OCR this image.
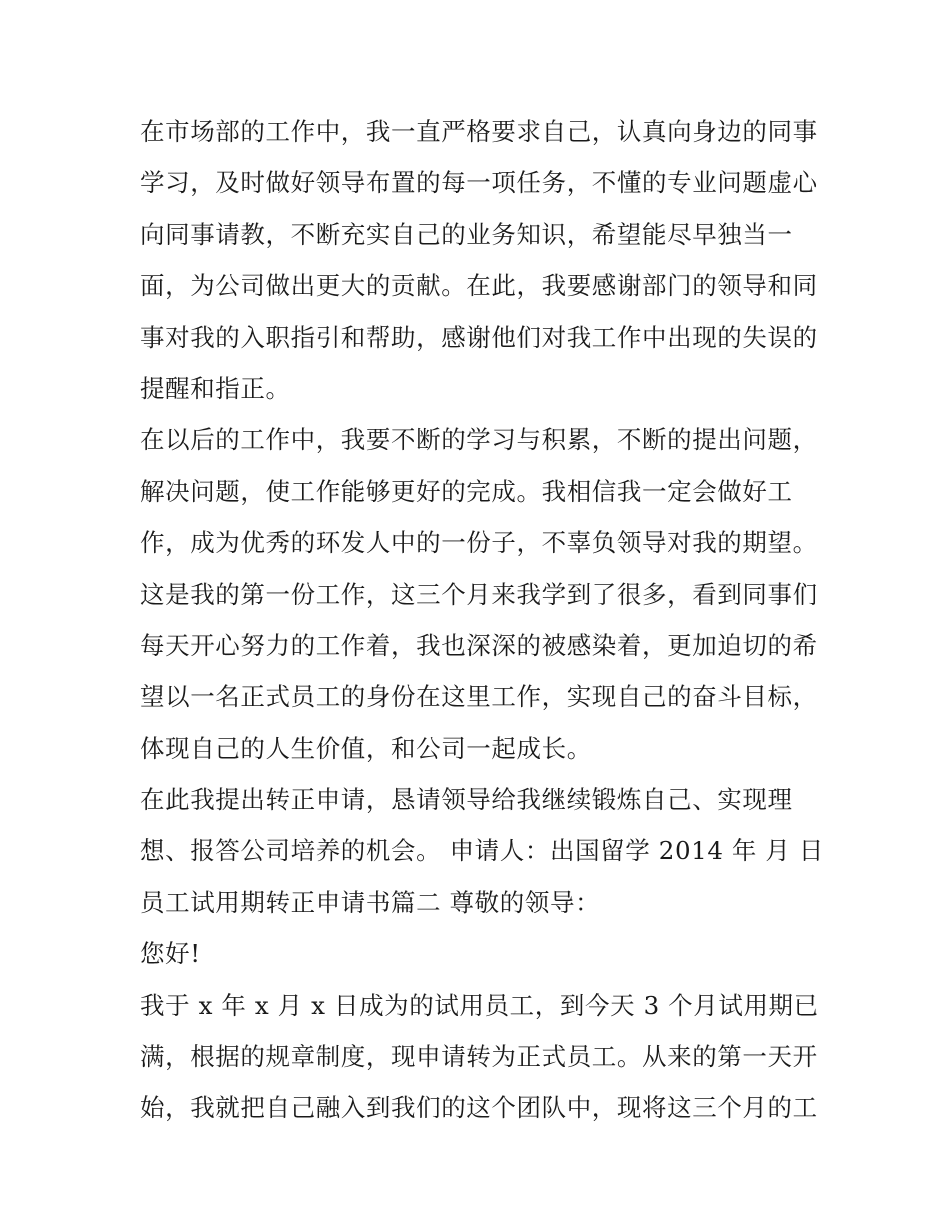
在市场部的工作中，我一直严格要求自己，认真向身边的同事
学习，及时做好领导布置的每一项任务，不懂的专业问题虚心
向同事请教，不断充实自己的业务知识，希望能尽早独当一
面，为公司做出更大的贡献。在此，我要感谢部门的领导和同
事对我的入职指引和帮助，感谢他们对我工作中出现的失误的
提醒和指正。
在以后的工作中，我要不断的学习与积累，不断的提出问题，
解决问题，使工作能够更好的完成。我相信我一定会做好工
作，成为优秀的环发人中的一份子，不辜负领导对我的期望。
这是我的第一份工作，这三个月来我学到了很多，看到同事们
每天开心努力的工作着，我也深深的被感染着，更加迫切的希
望以一名正式员工的身份在这里工作，实现自己的奋斗目标，
体现自己的人生价值，和公司一起成长。
在此我提出转正申请，恳请领导给我继续锻炼自己、实现理
想、报答公司培养的机会。 申请人：出国留学 2014 年 月 日
员工试用期转正申请书篇二 尊敬的领导：
您好!
我于 x 年 x 月 x 日成为的试用员工，到今天 3 个月试用期已
满，根据的规章制度，现申请转为正式员工。从来的第一天开
始，我就把自己融入到我们的这个团队中，现将这三个月的工
